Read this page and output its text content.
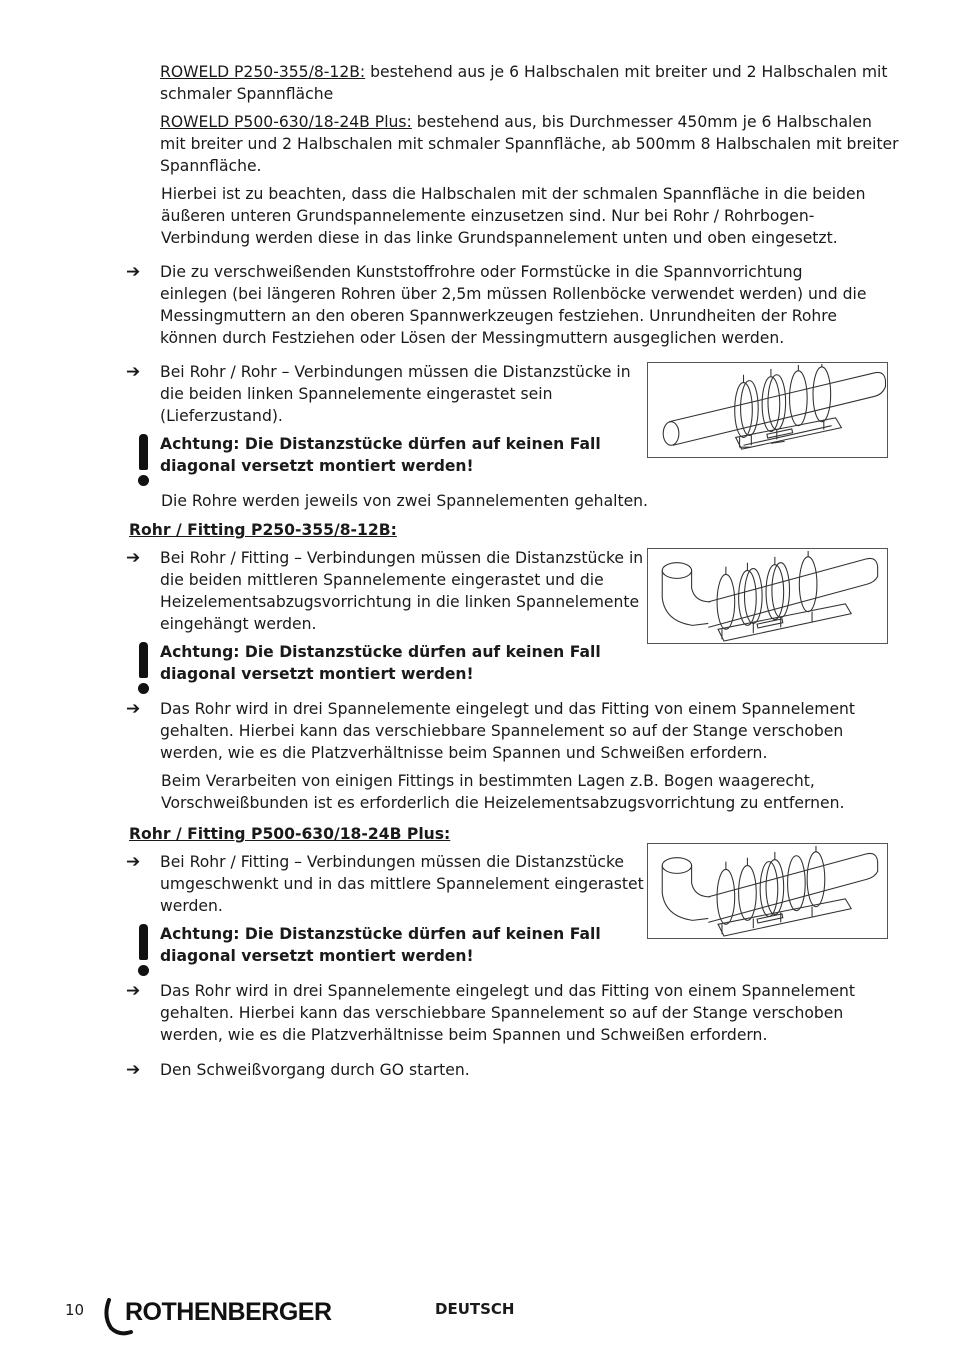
ROWELD P250-355/8-12B: bestehend aus je 6 Halbschalen mit breiter und 2 Halbschalen mit

schmaler Spannfläche

ROWELD P500-630/18-24B Plus: bestehend aus, bis Durchmesser 450mm je 6 Halbschalen

mit breiter und 2 Halbschalen mit schmaler Spannfläche, ab 500mm 8 Halbschalen mit breiter

Spannfläche.

Hierbei ist zu beachten, dass die Halbschalen mit der schmalen Spannfläche in die beiden

äußeren unteren Grundspannelemente einzusetzen sind. Nur bei Rohr / Rohrbogen-

Verbindung werden diese in das linke Grundspannelement unten und oben eingesetzt.

➔ Die zu verschweißenden Kunststoffrohre oder Formstücke in die Spannvorrichtung

einlegen (bei längeren Rohren über 2,5m müssen Rollenböcke verwendet werden) und die

Messingmuttern an den oberen Spannwerkzeugen festziehen. Unrundheiten der Rohre

können durch Festziehen oder Lösen der Messingmuttern ausgeglichen werden.

➔ Bei Rohr / Rohr – Verbindungen müssen die Distanzstücke in

die beiden linken Spannelemente eingerastet sein

(Lieferzustand).

Achtung: Die Distanzstücke dürfen auf keinen Fall

diagonal versetzt montiert werden!

Die Rohre werden jeweils von zwei Spannelementen gehalten.

Rohr / Fitting P250-355/8-12B:
➔ Bei Rohr / Fitting – Verbindungen müssen die Distanzstücke in

die beiden mittleren Spannelemente eingerastet und die

Heizelementsabzugsvorrichtung in die linken Spannelemente

eingehängt werden.

Achtung: Die Distanzstücke dürfen auf keinen Fall

diagonal versetzt montiert werden!

➔ Das Rohr wird in drei Spannelemente eingelegt und das Fitting von einem Spannelement

gehalten. Hierbei kann das verschiebbare Spannelement so auf der Stange verschoben

werden, wie es die Platzverhältnisse beim Spannen und Schweißen erfordern.

Beim Verarbeiten von einigen Fittings in bestimmten Lagen z.B. Bogen waagerecht,

Vorschweißbunden ist es erforderlich die Heizelementsabzugsvorrichtung zu entfernen.

Rohr / Fitting P500-630/18-24B Plus:
➔ Bei Rohr / Fitting – Verbindungen müssen die Distanzstücke

umgeschwenkt und in das mittlere Spannelement eingerastet

werden.

Achtung: Die Distanzstücke dürfen auf keinen Fall

diagonal versetzt montiert werden!

➔ Das Rohr wird in drei Spannelemente eingelegt und das Fitting von einem Spannelement

gehalten. Hierbei kann das verschiebbare Spannelement so auf der Stange verschoben

werden, wie es die Platzverhältnisse beim Spannen und Schweißen erfordern.

➔ Den Schweißvorgang durch GO starten.

10 ROTHENBERGER	DEUTSCH
